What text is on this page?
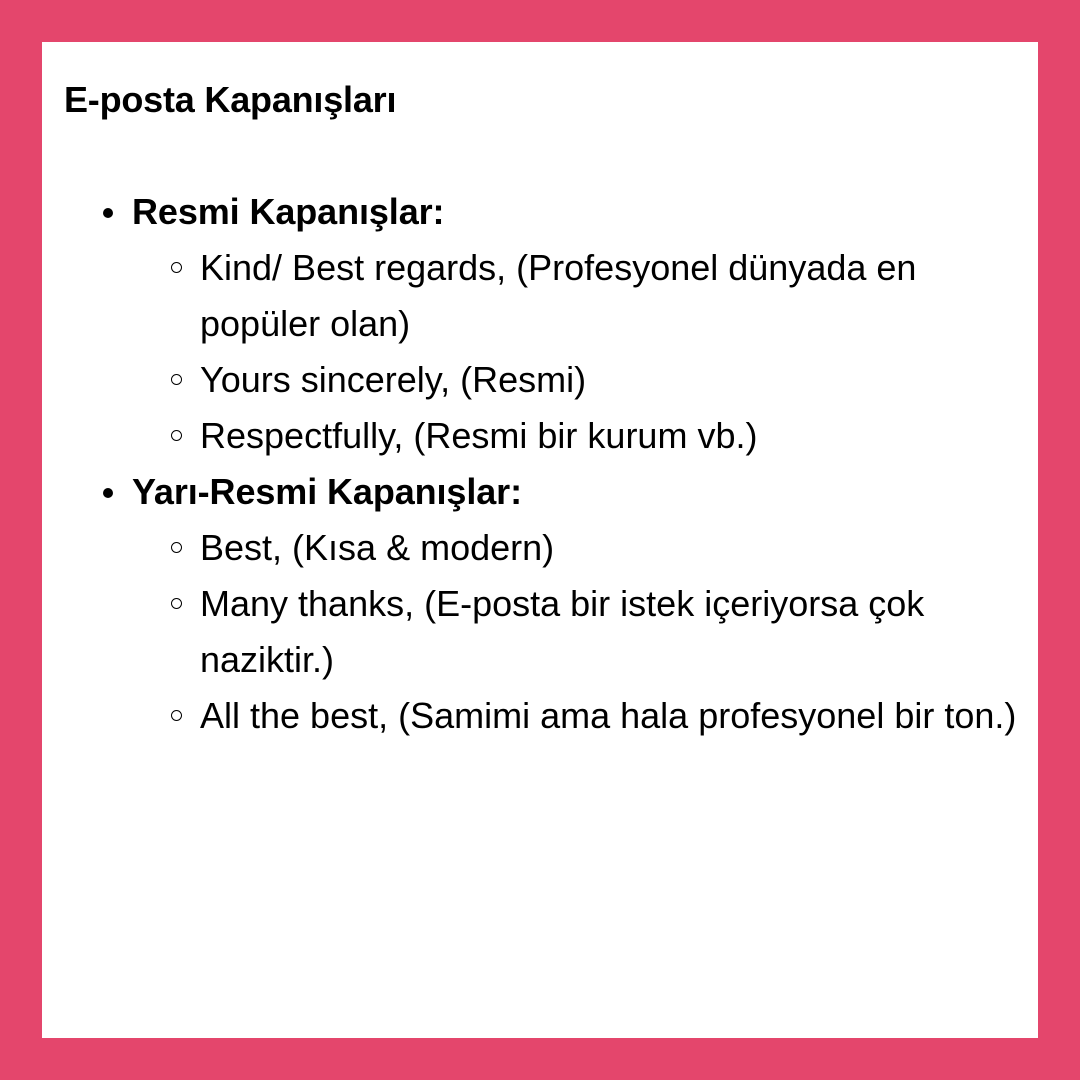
E-posta Kapanışları
Resmi Kapanışlar:
Kind/ Best regards, (Profesyonel dünyada en popüler olan)
Yours sincerely, (Resmi)
Respectfully, (Resmi bir kurum vb.)
Yarı-Resmi Kapanışlar:
Best, (Kısa & modern)
Many thanks, (E-posta bir istek içeriyorsa çok naziktir.)
All the best, (Samimi ama hala profesyonel bir ton.)
